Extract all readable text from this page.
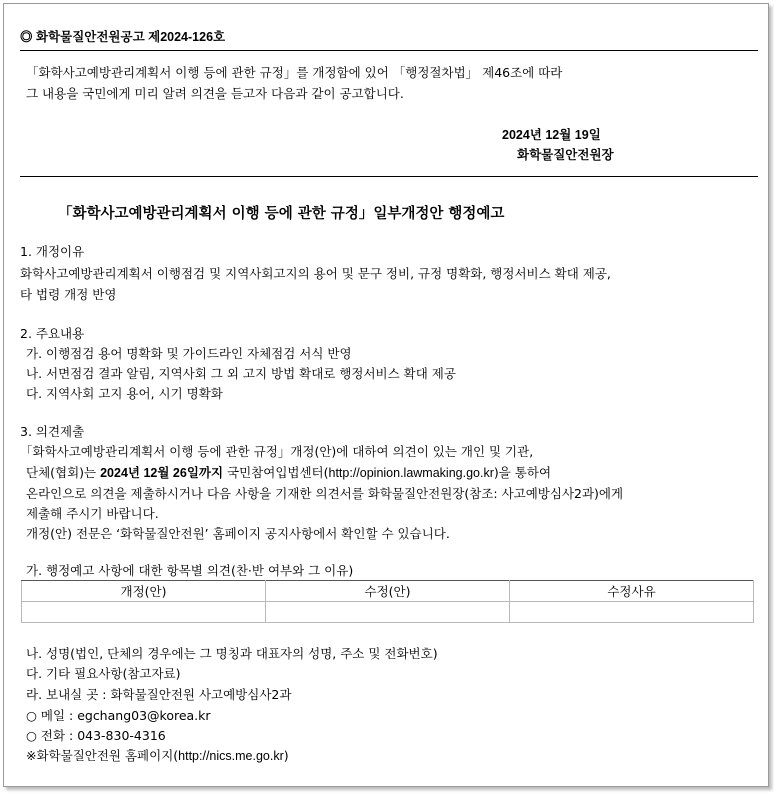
◎ 화학물질안전원공고 제2024-126호
「화학사고예방관리계획서 이행 등에 관한 규정」를 개정함에 있어 「행정절차법」 제46조에 따라
그 내용을 국민에게 미리 알려 의견을 듣고자 다음과 같이 공고합니다.
2024년 12월 19일
화학물질안전원장
「화학사고예방관리계획서 이행 등에 관한 규정」일부개정안 행정예고
1. 개정이유
화학사고예방관리계획서 이행점검 및 지역사회고지의 용어 및 문구 정비, 규정 명확화, 행정서비스 확대 제공,
타 법령 개정 반영
2. 주요내용
가. 이행점검 용어 명확화 및 가이드라인 자체점검 서식 반영
나. 서면점검 결과 알림, 지역사회 그 외 고지 방법 확대로 행정서비스 확대 제공
다. 지역사회 고지 용어, 시기 명확화
3. 의견제출
「화학사고예방관리계획서 이행 등에 관한 규정」개정(안)에 대하여 의견이 있는 개인 및 기관,
단체(협회)는 2024년 12월 26일까지 국민참여입법센터(http://opinion.lawmaking.go.kr)을 통하여
온라인으로 의견을 제출하시거나 다음 사항을 기재한 의견서를 화학물질안전원장(참조: 사고예방심사2과)에게
제출해 주시기 바랍니다.
개정(안) 전문은 ‘화학물질안전원’ 홈페이지 공지사항에서 확인할 수 있습니다.
가. 행정예고 사항에 대한 항목별 의견(찬·반 여부와 그 이유)
개정(안)	수정(안)	수정사유

나. 성명(법인, 단체의 경우에는 그 명칭과 대표자의 성명, 주소 및 전화번호)
다. 기타 필요사항(참고자료)
라. 보내실 곳 : 화학물질안전원 사고예방심사2과
○ 메일 : egchang03@korea.kr
○ 전화 : 043-830-4316
※화학물질안전원 홈페이지(http://nics.me.go.kr)
